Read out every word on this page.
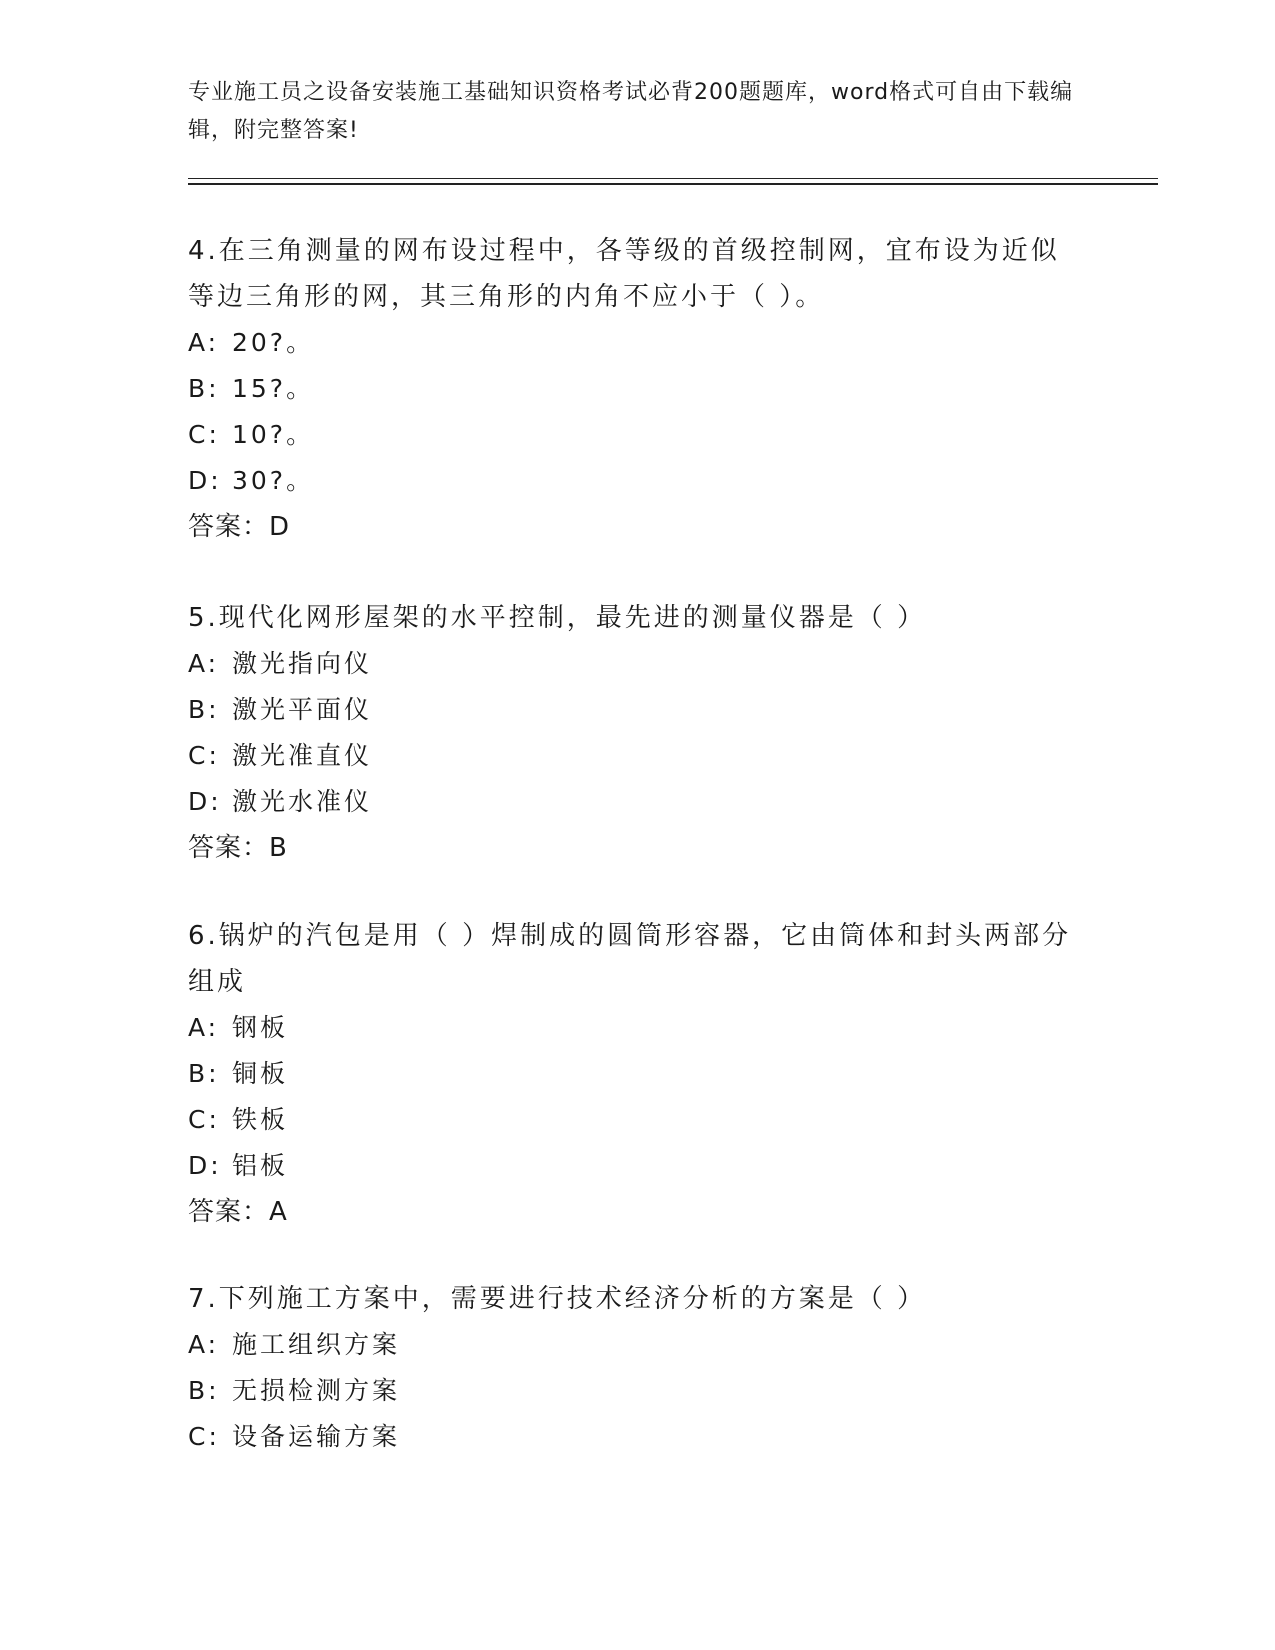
专业施工员之设备安装施工基础知识资格考试必背200题题库，word格式可自由下载编辑，附完整答案!

4.在三角测量的网布设过程中，各等级的首级控制网，宜布设为近似等边三角形的网，其三角形的内角不应小于（ ）。

A: 20?。

B: 15?。

C: 10?。

D: 30?。

答案：D

5.现代化网形屋架的水平控制，最先进的测量仪器是（ ）

A: 激光指向仪

B: 激光平面仪

C: 激光准直仪

D: 激光水准仪

答案：B

6.锅炉的汽包是用（ ）焊制成的圆筒形容器，它由筒体和封头两部分组成

A: 钢板

B: 铜板

C: 铁板

D: 铝板

答案：A

7.下列施工方案中，需要进行技术经济分析的方案是（ ）

A: 施工组织方案

B: 无损检测方案

C: 设备运输方案
